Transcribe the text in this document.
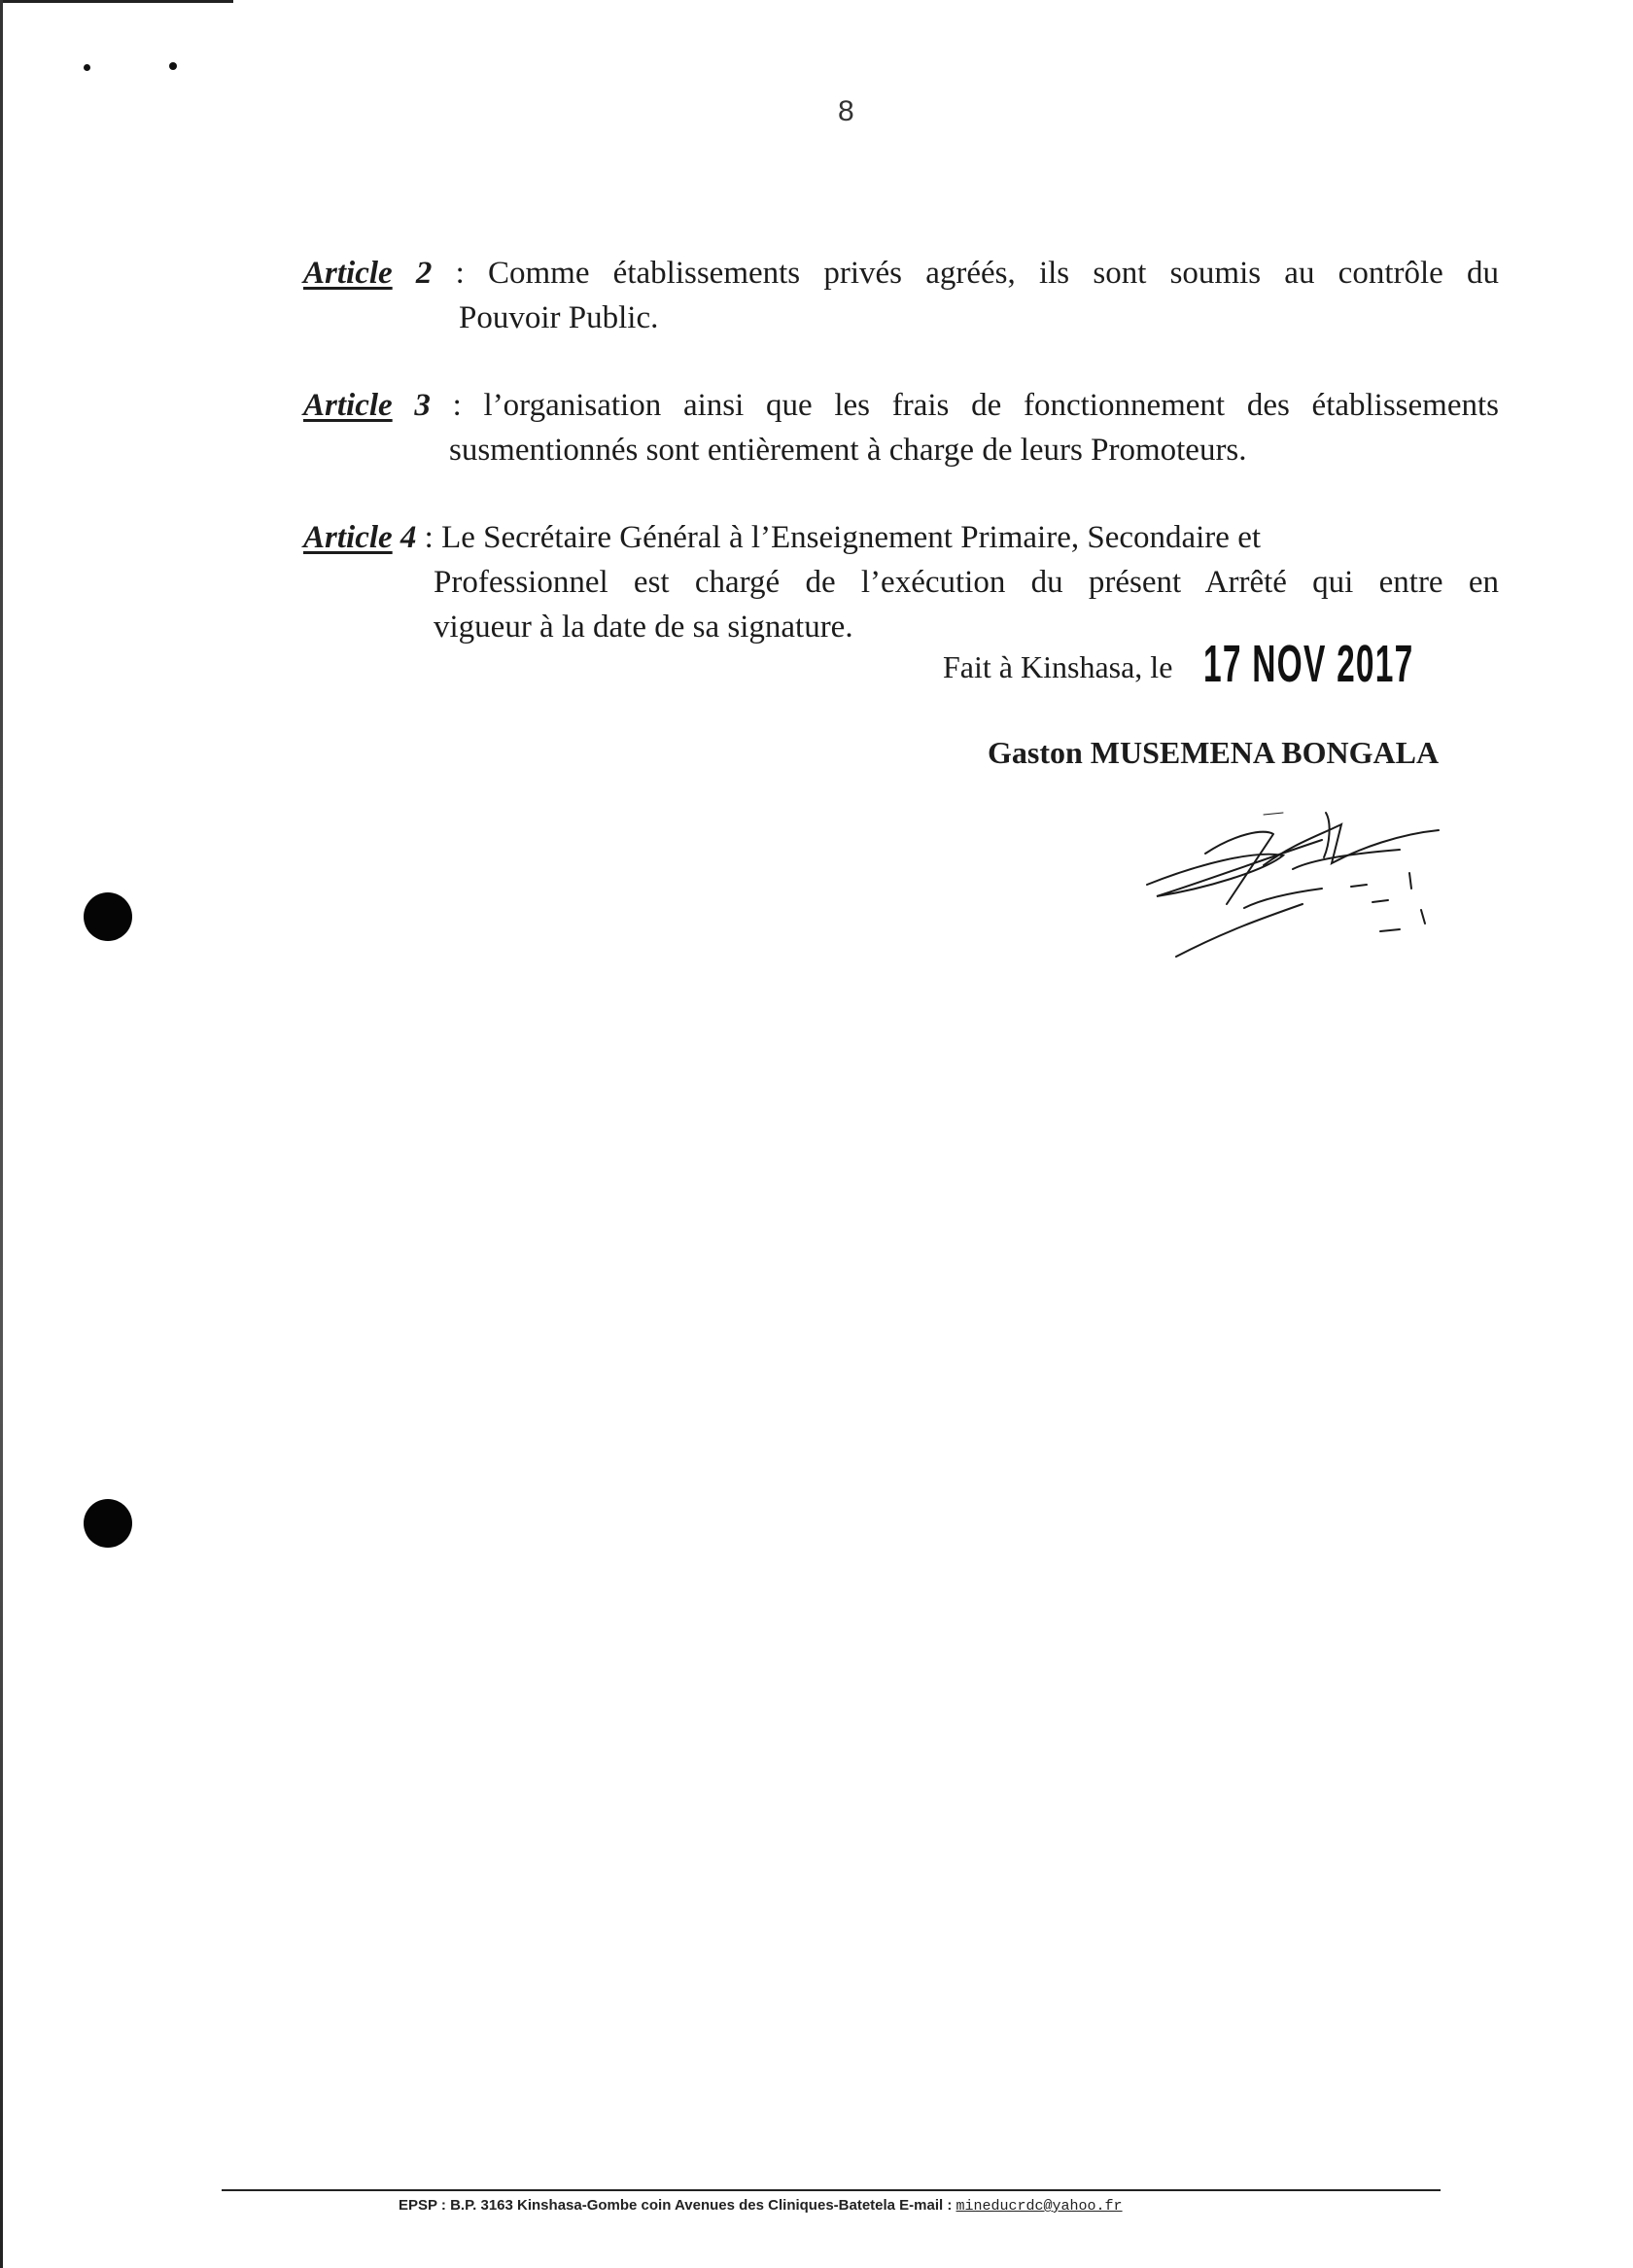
8
Article 2 : Comme établissements privés agréés, ils sont soumis au contrôle du
Pouvoir Public.
Article 3 : l’organisation ainsi que les frais de fonctionnement des établissements
susmentionnés sont entièrement à charge de leurs Promoteurs.
Article 4 : Le Secrétaire Général à l’Enseignement Primaire, Secondaire et
Professionnel est chargé de l’exécution du présent Arrêté qui entre en
vigueur à la date de sa signature.
Fait à Kinshasa, le 17 NOV 2017
Gaston MUSEMENA BONGALA
EPSP : B.P. 3163 Kinshasa-Gombe coin Avenues des Cliniques-Batetela E-mail : mineducrdc@yahoo.fr
